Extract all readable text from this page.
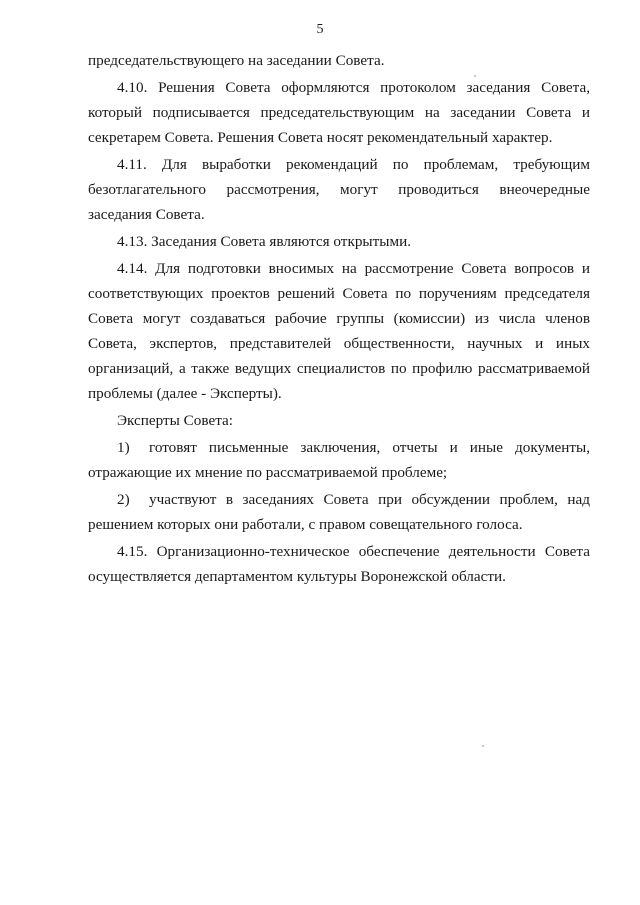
5

председательствующего на заседании Совета.

4.10. Решения Совета оформляются протоколом заседания Совета, который подписывается председательствующим на заседании Совета и секретарем Совета. Решения Совета носят рекомендательный характер.

4.11. Для выработки рекомендаций по проблемам, требующим безотлагательного рассмотрения, могут проводиться внеочередные заседания Совета.

4.13. Заседания Совета являются открытыми.

4.14. Для подготовки вносимых на рассмотрение Совета вопросов и соответствующих проектов решений Совета по поручениям председателя Совета могут создаваться рабочие группы (комиссии) из числа членов Совета, экспертов, представителей общественности, научных и иных организаций, а также ведущих специалистов по профилю рассматриваемой проблемы (далее - Эксперты).

Эксперты Совета:

1) готовят письменные заключения, отчеты и иные документы, отражающие их мнение по рассматриваемой проблеме;

2) участвуют в заседаниях Совета при обсуждении проблем, над решением которых они работали, с правом совещательного голоса.

4.15. Организационно-техническое обеспечение деятельности Совета осуществляется департаментом культуры Воронежской области.
